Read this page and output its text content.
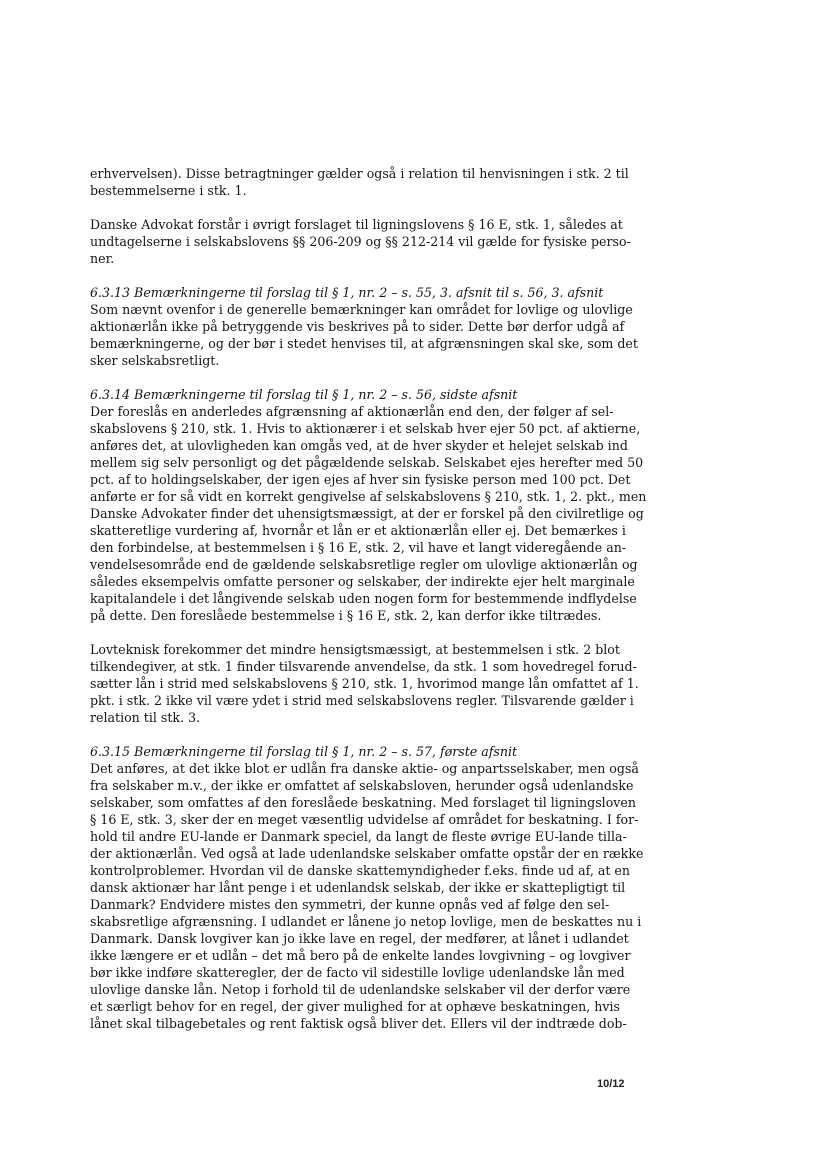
erhvervelsen). Disse betragtninger gælder også i relation til henvisningen i stk. 2 til
bestemmelserne i stk. 1.

Danske Advokat forstår i øvrigt forslaget til ligningslovens § 16 E, stk. 1, således at
undtagelserne i selskabslovens §§ 206-209 og §§ 212-214 vil gælde for fysiske perso-
ner.

6.3.13 Bemærkningerne til forslag til § 1, nr. 2 – s. 55, 3. afsnit til s. 56, 3. afsnit

Som nævnt ovenfor i de generelle bemærkninger kan området for lovlige og ulovlige
aktionærlån ikke på betryggende vis beskrives på to sider. Dette bør derfor udgå af
bemærkningerne, og der bør i stedet henvises til, at afgrænsningen skal ske, som det
sker selskabsretligt.

6.3.14 Bemærkningerne til forslag til § 1, nr. 2 – s. 56, sidste afsnit

Der foreslås en anderledes afgrænsning af aktionærlån end den, der følger af sel-
skabslovens § 210, stk. 1. Hvis to aktionærer i et selskab hver ejer 50 pct. af aktierne,
anføres det, at ulovligheden kan omgås ved, at de hver skyder et helejet selskab ind
mellem sig selv personligt og det pågældende selskab. Selskabet ejes herefter med 50
pct. af to holdingselskaber, der igen ejes af hver sin fysiske person med 100 pct. Det
anførte er for så vidt en korrekt gengivelse af selskabslovens § 210, stk. 1, 2. pkt., men
Danske Advokater finder det uhensigtsmæssigt, at der er forskel på den civilretlige og
skatteretlige vurdering af, hvornår et lån er et aktionærlån eller ej. Det bemærkes i
den forbindelse, at bestemmelsen i § 16 E, stk. 2, vil have et langt videregående an-
vendelsesområde end de gældende selskabsretlige regler om ulovlige aktionærlån og
således eksempelvis omfatte personer og selskaber, der indirekte ejer helt marginale
kapitalandele i det långivende selskab uden nogen form for bestemmende indflydelse
på dette. Den foreslåede bestemmelse i § 16 E, stk. 2, kan derfor ikke tiltrædes.

Lovteknisk forekommer det mindre hensigtsmæssigt, at bestemmelsen i stk. 2 blot
tilkendegiver, at stk. 1 finder tilsvarende anvendelse, da stk. 1 som hovedregel forud-
sætter lån i strid med selskabslovens § 210, stk. 1, hvorimod mange lån omfattet af 1.
pkt. i stk. 2 ikke vil være ydet i strid med selskabslovens regler. Tilsvarende gælder i
relation til stk. 3.

6.3.15 Bemærkningerne til forslag til § 1, nr. 2 – s. 57, første afsnit

Det anføres, at det ikke blot er udlån fra danske aktie- og anpartsselskaber, men også
fra selskaber m.v., der ikke er omfattet af selskabsloven, herunder også udenlandske
selskaber, som omfattes af den foreslåede beskatning. Med forslaget til ligningsloven
§ 16 E, stk. 3, sker der en meget væsentlig udvidelse af området for beskatning. I for-
hold til andre EU-lande er Danmark speciel, da langt de fleste øvrige EU-lande tilla-
der aktionærlån. Ved også at lade udenlandske selskaber omfatte opstår der en række
kontrolproblemer. Hvordan vil de danske skattemyndigheder f.eks. finde ud af, at en
dansk aktionær har lånt penge i et udenlandsk selskab, der ikke er skattepligtigt til
Danmark? Endvidere mistes den symmetri, der kunne opnås ved af følge den sel-
skabsretlige afgrænsning. I udlandet er lånene jo netop lovlige, men de beskattes nu i
Danmark. Dansk lovgiver kan jo ikke lave en regel, der medfører, at lånet i udlandet
ikke længere er et udlån – det må bero på de enkelte landes lovgivning – og lovgiver
bør ikke indføre skatteregler, der de facto vil sidestille lovlige udenlandske lån med
ulovlige danske lån. Netop i forhold til de udenlandske selskaber vil der derfor være
et særligt behov for en regel, der giver mulighed for at ophæve beskatningen, hvis
lånet skal tilbagebetales og rent faktisk også bliver det. Ellers vil der indtræde dob-
10/12
